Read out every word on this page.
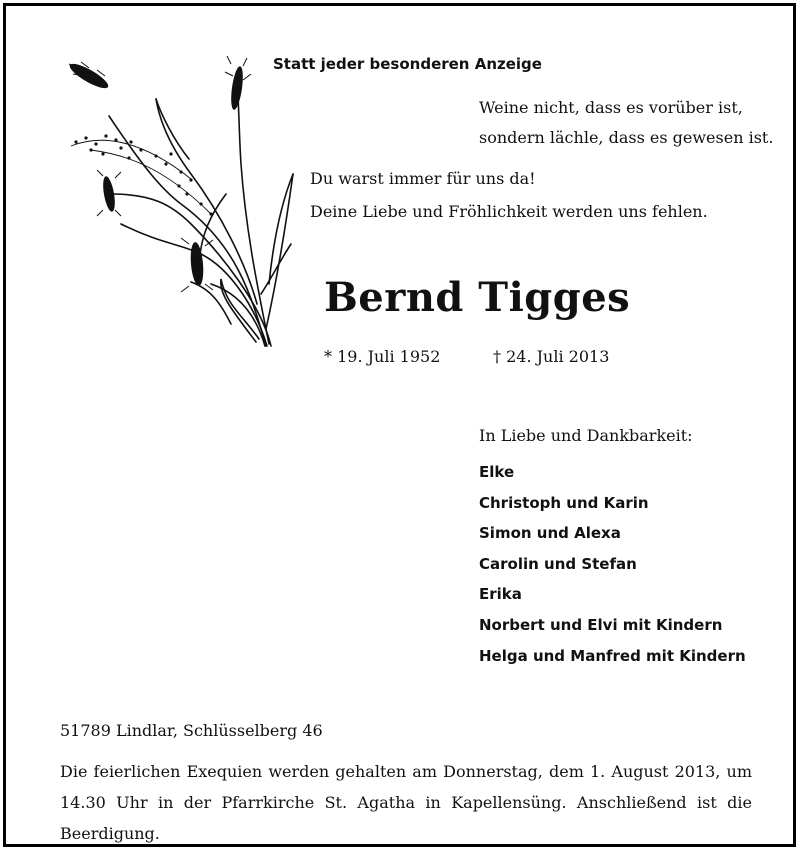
Statt jeder besonderen Anzeige
Weine nicht, dass es vorüber ist,
sondern lächle, dass es gewesen ist.
Du warst immer für uns da!
Deine Liebe und Fröhlichkeit werden uns fehlen.
Bernd Tigges
* 19. Juli 1952	† 24. Juli 2013
In Liebe und Dankbarkeit:
Elke
Christoph und Karin
Simon und Alexa
Carolin und Stefan
Erika
Norbert und Elvi mit Kindern
Helga und Manfred mit Kindern
51789 Lindlar, Schlüsselberg 46
Die feierlichen Exequien werden gehalten am Donnerstag, dem 1. August 2013, um 14.30 Uhr in der Pfarrkirche St. Agatha in Kapellensüng. Anschließend ist die Beerdigung.
